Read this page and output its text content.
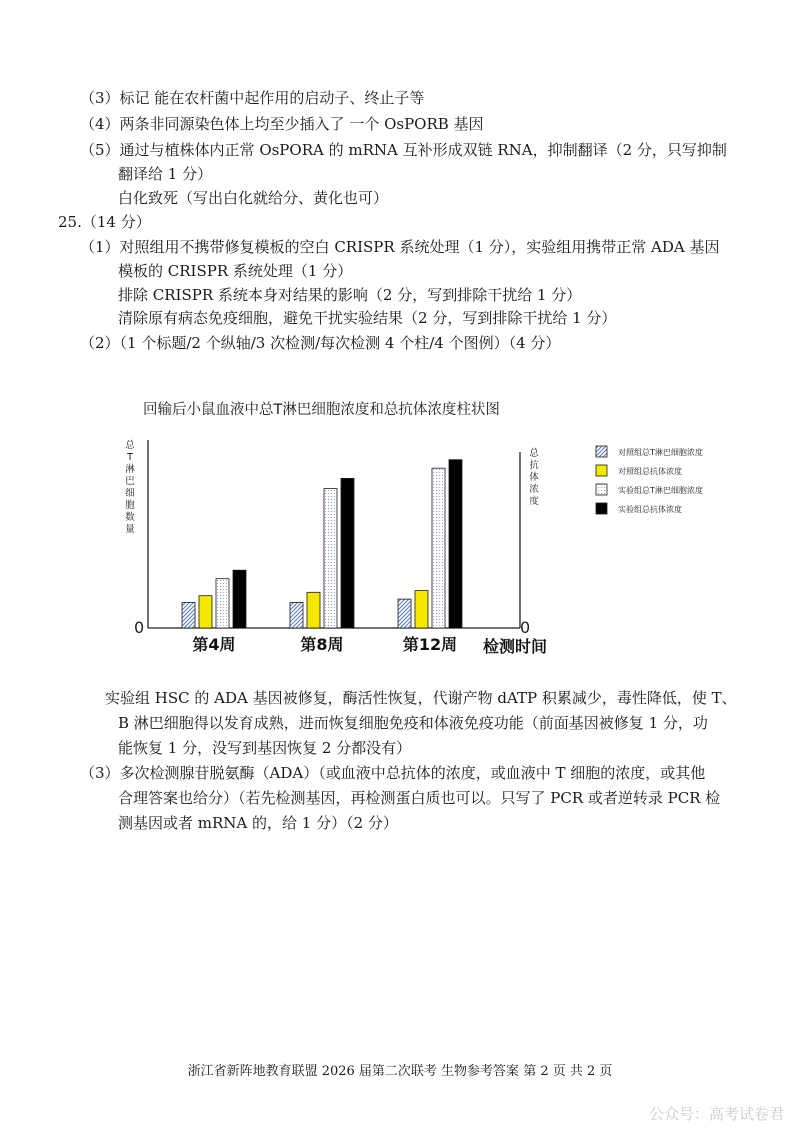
（3）标记 能在农杆菌中起作用的启动子、终止子等
（4）两条非同源染色体上均至少插入了 一个 OsPORB 基因
（5）通过与植株体内正常 OsPORA 的 mRNA 互补形成双链 RNA，抑制翻译（2 分，只写抑制
翻译给 1 分）
白化致死（写出白化就给分、黄化也可）
25.（14 分）
（1）对照组用不携带修复模板的空白 CRISPR 系统处理（1 分），实验组用携带正常 ADA 基因
模板的 CRISPR 系统处理（1 分）
排除 CRISPR 系统本身对结果的影响（2 分，写到排除干扰给 1 分）
清除原有病态免疫细胞，避免干扰实验结果（2 分，写到排除干扰给 1 分）
（2）（1 个标题/2 个纵轴/3 次检测/每次检测 4 个柱/4 个图例）（4 分）
实验组 HSC 的 ADA 基因被修复，酶活性恢复，代谢产物 dATP 积累减少，毒性降低，使 T、
B 淋巴细胞得以发育成熟，进而恢复细胞免疫和体液免疫功能（前面基因被修复 1 分，功
能恢复 1 分，没写到基因恢复 2 分都没有）
（3）多次检测腺苷脱氨酶（ADA）（或血液中总抗体的浓度，或血液中 T 细胞的浓度，或其他
合理答案也给分）（若先检测基因，再检测蛋白质也可以。只写了 PCR 或者逆转录 PCR 检
测基因或者 mRNA 的，给 1 分）（2 分）
回输后小鼠血液中总T淋巴细胞浓度和总抗体浓度柱状图
总T淋巴细胞数量
总抗体浓度
0	0
第4周	第8周	第12周 检测时间
对照组总T淋巴细胞浓度
对照组总抗体浓度
实验组总T淋巴细胞浓度
实验组总抗体浓度
浙江省新阵地教育联盟 2026 届第二次联考 生物参考答案 第 2 页 共 2 页
公众号：高考试卷君
